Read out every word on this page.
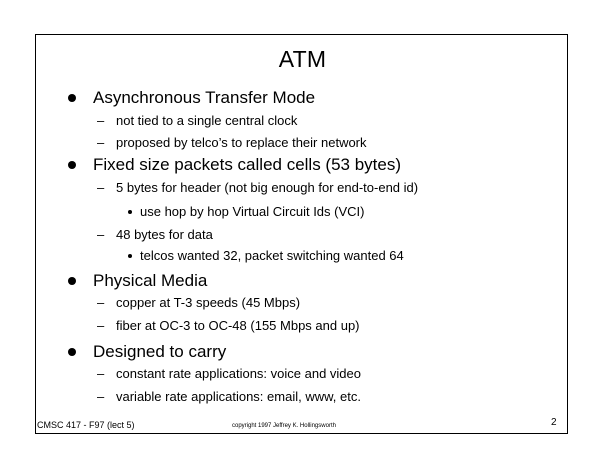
ATM
Asynchronous Transfer Mode
– not tied to a single central clock
– proposed by telco’s to replace their network
Fixed size packets called cells (53 bytes)
– 5 bytes for header (not big enough for end-to-end id)
use hop by hop Virtual Circuit Ids (VCI)
– 48 bytes for data
telcos wanted 32, packet switching wanted 64
Physical Media
– copper at T-3 speeds (45 Mbps)
– fiber at OC-3 to OC-48 (155 Mbps and up)
Designed to carry
– constant rate applications: voice and video
– variable rate applications: email, www, etc.
CMSC 417 - F97 (lect 5)	copyright 1997 Jeffrey K. Hollingsworth	2
